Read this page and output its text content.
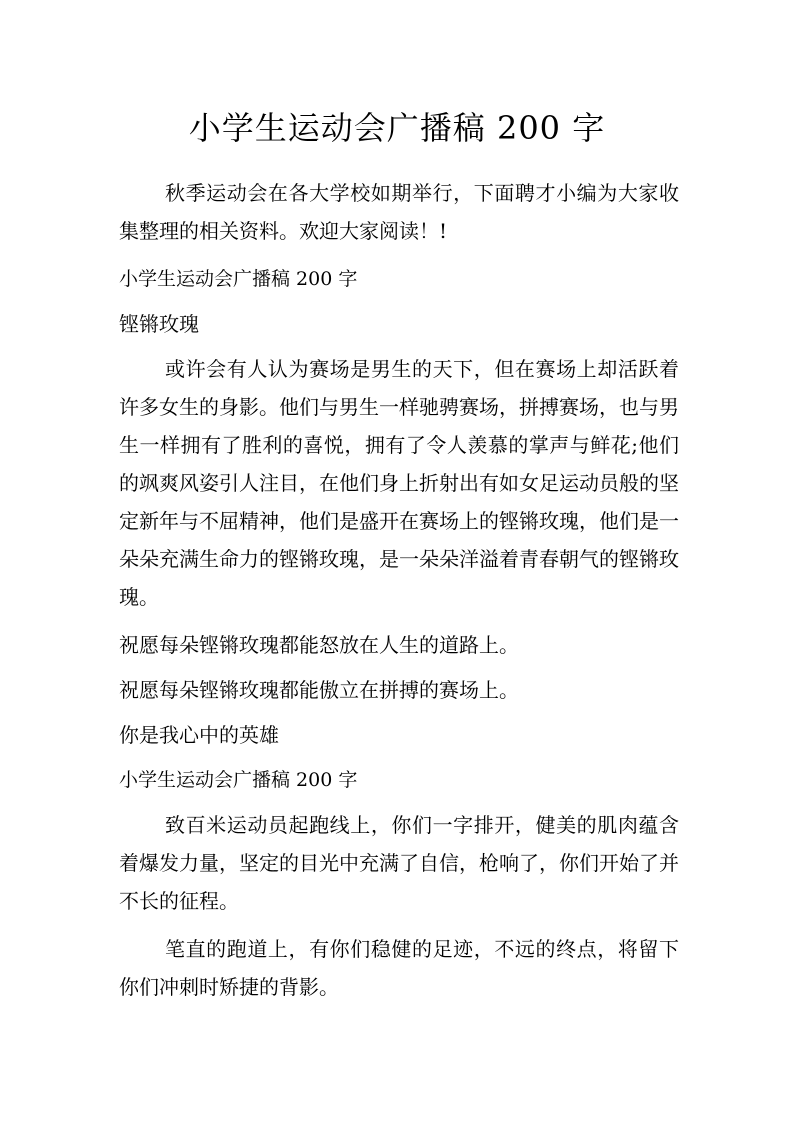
小学生运动会广播稿 200 字

秋季运动会在各大学校如期举行，下面聘才小编为大家收集整理的相关资料。欢迎大家阅读！!

小学生运动会广播稿 200 字

铿锵玫瑰

或许会有人认为赛场是男生的天下，但在赛场上却活跃着许多女生的身影。他们与男生一样驰骋赛场，拼搏赛场，也与男生一样拥有了胜利的喜悦，拥有了令人羡慕的掌声与鲜花;他们的飒爽风姿引人注目，在他们身上折射出有如女足运动员般的坚定新年与不屈精神，他们是盛开在赛场上的铿锵玫瑰，他们是一朵朵充满生命力的铿锵玫瑰，是一朵朵洋溢着青春朝气的铿锵玫瑰。

祝愿每朵铿锵玫瑰都能怒放在人生的道路上。

祝愿每朵铿锵玫瑰都能傲立在拼搏的赛场上。

你是我心中的英雄

小学生运动会广播稿 200 字

致百米运动员起跑线上，你们一字排开，健美的肌肉蕴含着爆发力量，坚定的目光中充满了自信，枪响了，你们开始了并不长的征程。

笔直的跑道上，有你们稳健的足迹，不远的终点，将留下你们冲刺时矫捷的背影。
